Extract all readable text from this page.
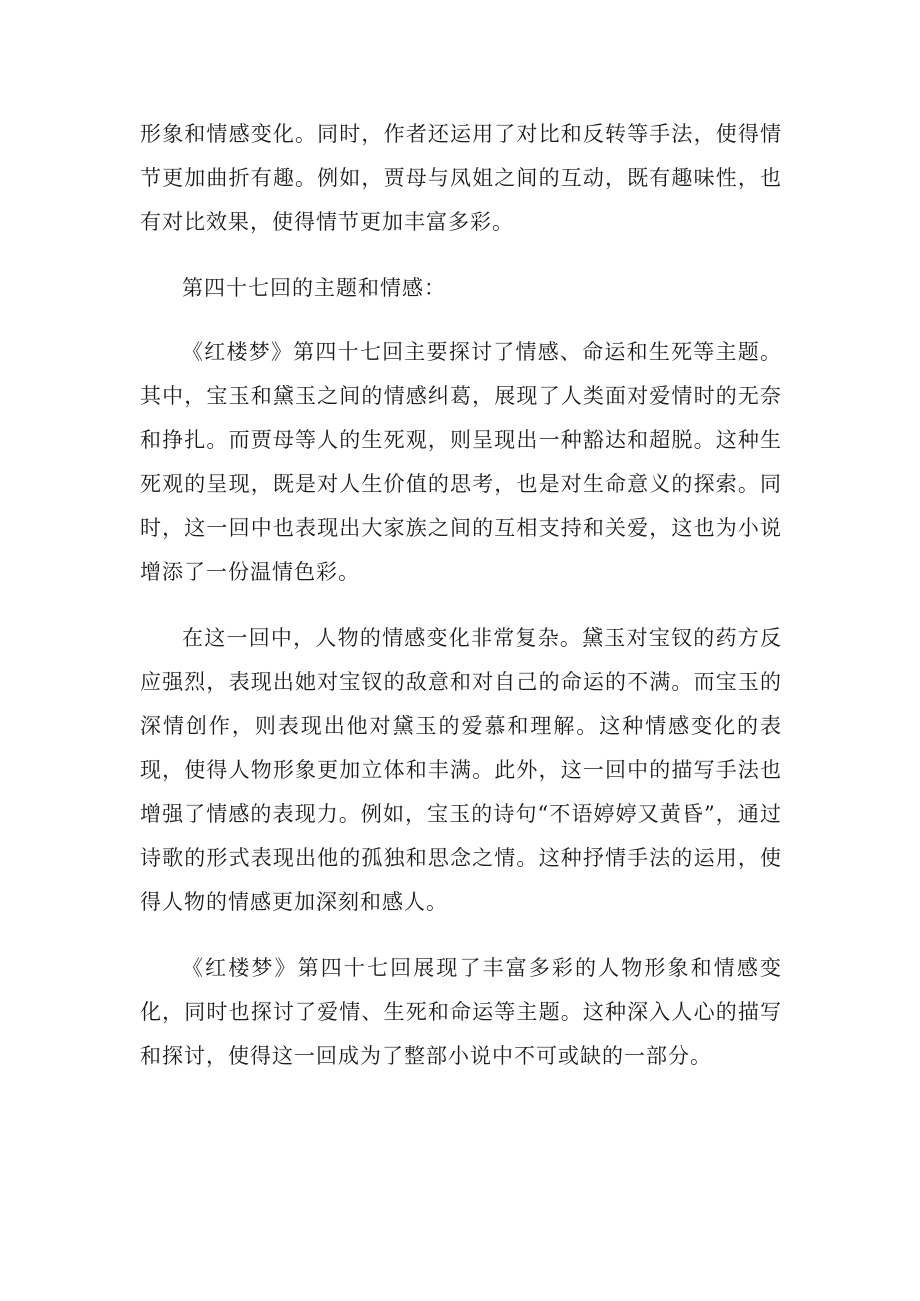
形象和情感变化。同时，作者还运用了对比和反转等手法，使得情节更加曲折有趣。例如，贾母与凤姐之间的互动，既有趣味性，也有对比效果，使得情节更加丰富多彩。

第四十七回的主题和情感：

《红楼梦》第四十七回主要探讨了情感、命运和生死等主题。其中，宝玉和黛玉之间的情感纠葛，展现了人类面对爱情时的无奈和挣扎。而贾母等人的生死观，则呈现出一种豁达和超脱。这种生死观的呈现，既是对人生价值的思考，也是对生命意义的探索。同时，这一回中也表现出大家族之间的互相支持和关爱，这也为小说增添了一份温情色彩。

在这一回中，人物的情感变化非常复杂。黛玉对宝钗的药方反应强烈，表现出她对宝钗的敌意和对自己的命运的不满。而宝玉的深情创作，则表现出他对黛玉的爱慕和理解。这种情感变化的表现，使得人物形象更加立体和丰满。此外，这一回中的描写手法也增强了情感的表现力。例如，宝玉的诗句“不语婷婷又黄昏”，通过诗歌的形式表现出他的孤独和思念之情。这种抒情手法的运用，使得人物的情感更加深刻和感人。

《红楼梦》第四十七回展现了丰富多彩的人物形象和情感变化，同时也探讨了爱情、生死和命运等主题。这种深入人心的描写和探讨，使得这一回成为了整部小说中不可或缺的一部分。
